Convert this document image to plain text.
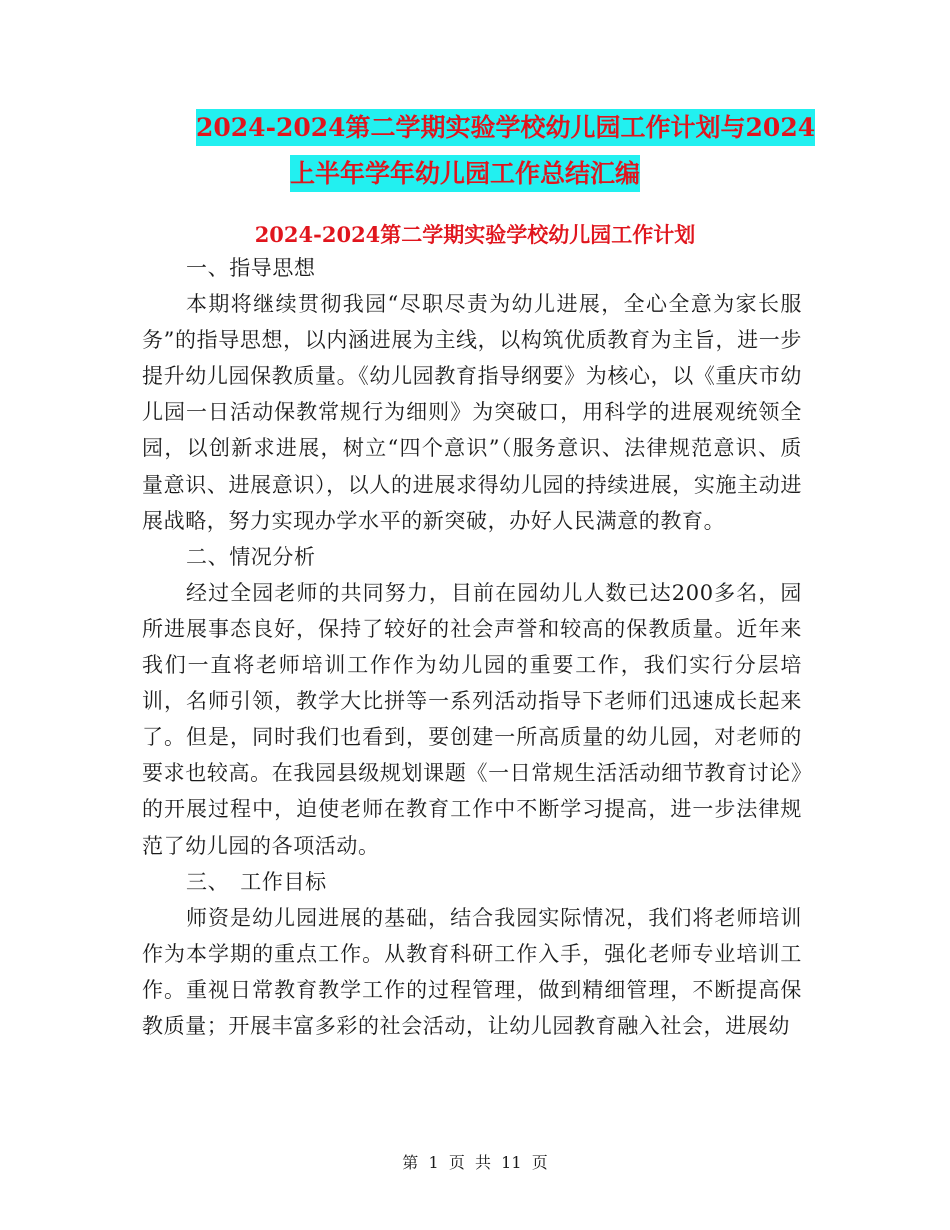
2024-2024第二学期实验学校幼儿园工作计划与2024
上半年学年幼儿园工作总结汇编
2024-2024第二学期实验学校幼儿园工作计划

一、指导思想

本期将继续贯彻我园“尽职尽责为幼儿进展，全心全意为家长服务”的指导思想，以内涵进展为主线，以构筑优质教育为主旨，进一步提升幼儿园保教质量。《幼儿园教育指导纲要》为核心，以《重庆市幼儿园一日活动保教常规行为细则》为突破口，用科学的进展观统领全园，以创新求进展，树立“四个意识”（服务意识、法律规范意识、质量意识、进展意识），以人的进展求得幼儿园的持续进展，实施主动进展战略，努力实现办学水平的新突破，办好人民满意的教育。

二、情况分析

经过全园老师的共同努力，目前在园幼儿人数已达200多名，园所进展事态良好，保持了较好的社会声誉和较高的保教质量。近年来我们一直将老师培训工作作为幼儿园的重要工作，我们实行分层培训，名师引领，教学大比拼等一系列活动指导下老师们迅速成长起来了。但是，同时我们也看到，要创建一所高质量的幼儿园，对老师的要求也较高。在我园县级规划课题《一日常规生活活动细节教育讨论》的开展过程中，迫使老师在教育工作中不断学习提高，进一步法律规范了幼儿园的各项活动。

三、　工作目标

师资是幼儿园进展的基础，结合我园实际情况，我们将老师培训作为本学期的重点工作。从教育科研工作入手，强化老师专业培训工作。重视日常教育教学工作的过程管理，做到精细管理，不断提高保教质量；开展丰富多彩的社会活动，让幼儿园教育融入社会，进展幼

第  1  页  共  11  页
